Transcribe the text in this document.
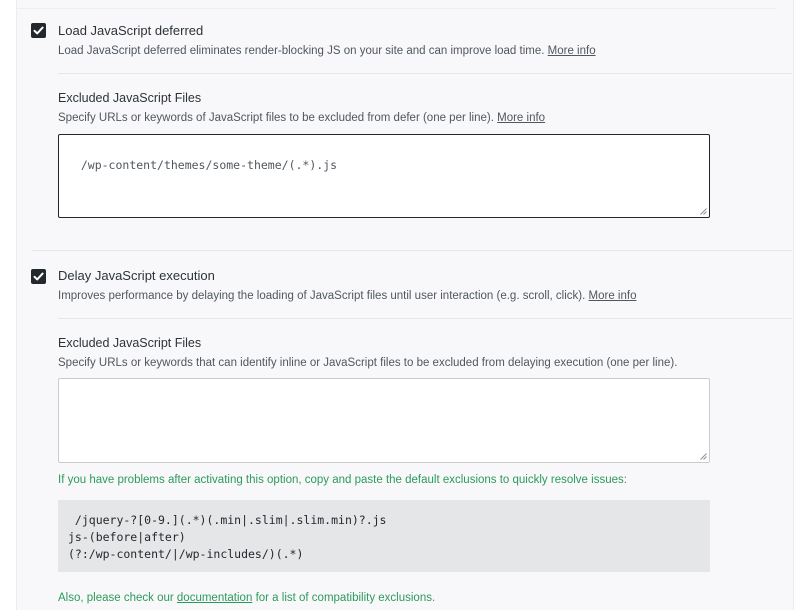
Load JavaScript deferred
Load JavaScript deferred eliminates render-blocking JS on your site and can improve load time. More info
Excluded JavaScript Files
Specify URLs or keywords of JavaScript files to be excluded from defer (one per line). More info

/wp-content/themes/some-theme/(.*).js

Delay JavaScript execution
Improves performance by delaying the loading of JavaScript files until user interaction (e.g. scroll, click). More info
Excluded JavaScript Files
Specify URLs or keywords that can identify inline or JavaScript files to be excluded from delaying execution (one per line).

If you have problems after activating this option, copy and paste the default exclusions to quickly resolve issues:
/jquery-?[0-9.](.*)(.min|.slim|.slim.min)?.js
js-(before|after)
(?:/wp-content/|/wp-includes/)(.*)
Also, please check our documentation for a list of compatibility exclusions.
